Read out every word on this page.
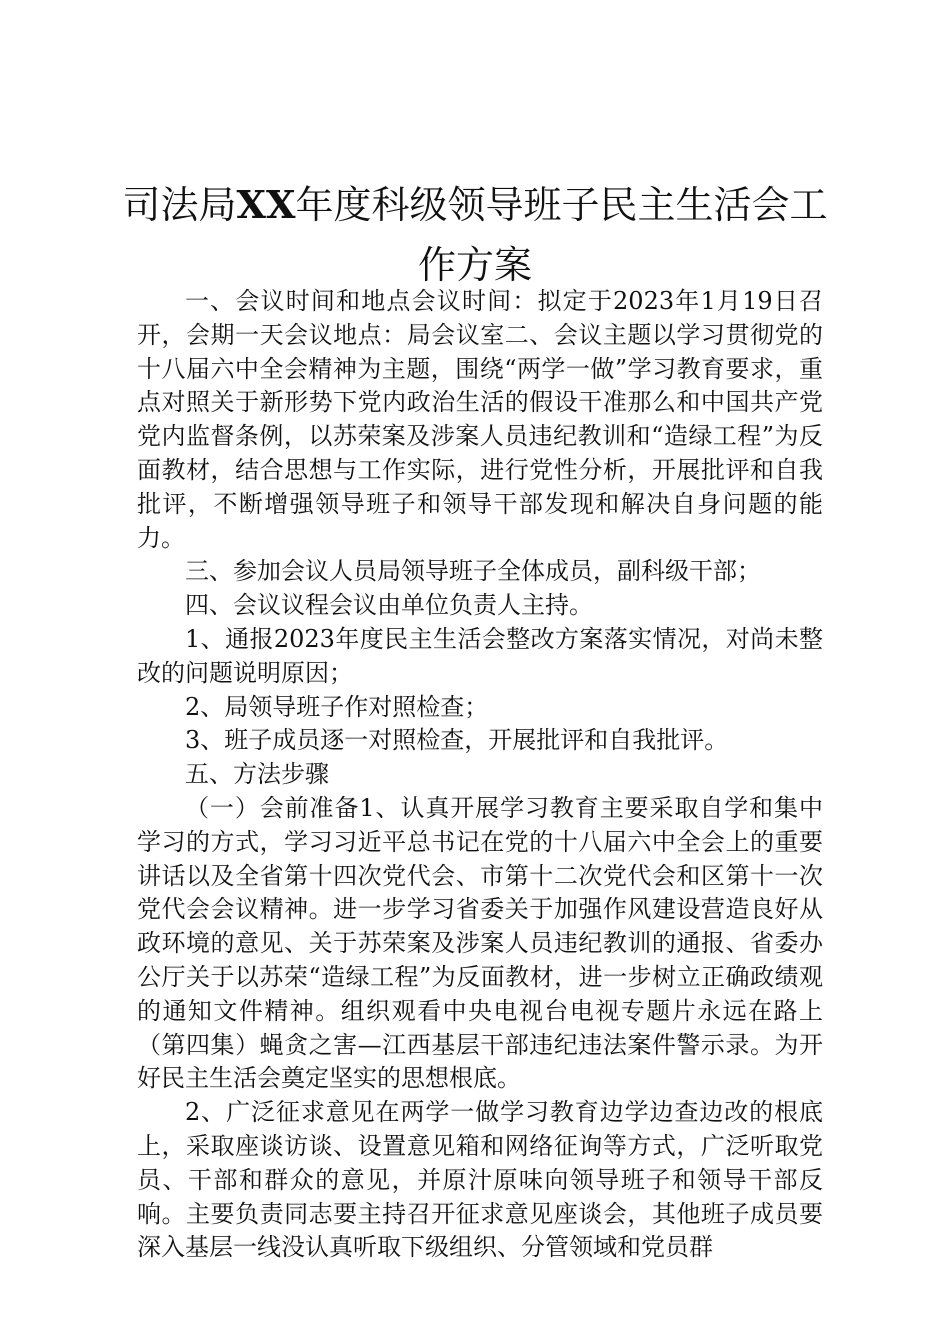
司法局XX年度科级领导班子民主生活会工
作方案

一、会议时间和地点会议时间：拟定于2023年1月19日召开，会期一天会议地点：局会议室二、会议主题以学习贯彻党的十八届六中全会精神为主题，围绕“两学一做”学习教育要求，重点对照关于新形势下党内政治生活的假设干准那么和中国共产党党内监督条例，以苏荣案及涉案人员违纪教训和“造绿工程”为反面教材，结合思想与工作实际，进行党性分析，开展批评和自我批评，不断增强领导班子和领导干部发现和解决自身问题的能力。

三、参加会议人员局领导班子全体成员，副科级干部；

四、会议议程会议由单位负责人主持。

1、通报2023年度民主生活会整改方案落实情况，对尚未整改的问题说明原因；

2、局领导班子作对照检查；

3、班子成员逐一对照检查，开展批评和自我批评。

五、方法步骤

（一）会前准备1、认真开展学习教育主要采取自学和集中学习的方式，学习习近平总书记在党的十八届六中全会上的重要讲话以及全省第十四次党代会、市第十二次党代会和区第十一次党代会会议精神。进一步学习省委关于加强作风建设营造良好从政环境的意见、关于苏荣案及涉案人员违纪教训的通报、省委办公厅关于以苏荣“造绿工程”为反面教材，进一步树立正确政绩观的通知文件精神。组织观看中央电视台电视专题片永远在路上（第四集）蝇贪之害—江西基层干部违纪违法案件警示录。为开好民主生活会奠定坚实的思想根底。

2、广泛征求意见在两学一做学习教育边学边查边改的根底上，采取座谈访谈、设置意见箱和网络征询等方式，广泛听取党员、干部和群众的意见，并原汁原味向领导班子和领导干部反响。主要负责同志要主持召开征求意见座谈会，其他班子成员要深入基层一线没认真听取下级组织、分管领域和党员群
